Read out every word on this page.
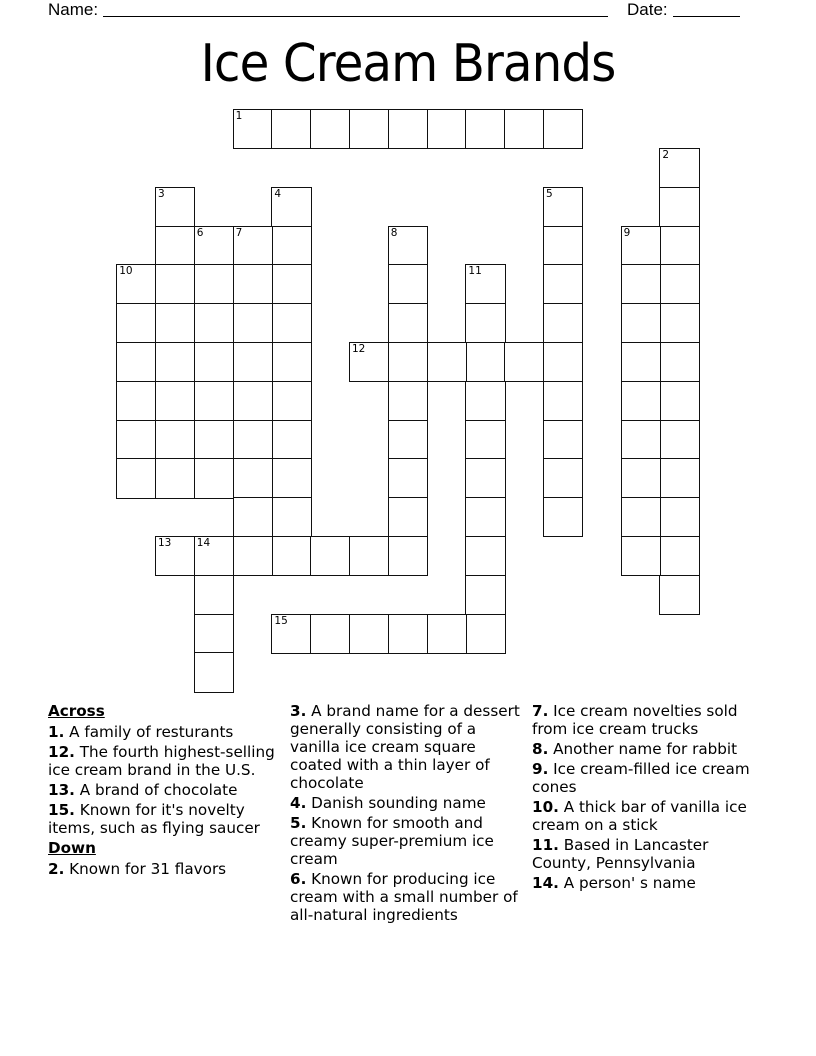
Name:	Date:
Ice Cream Brands
1
2
3	4	5
6	7	8	9
10	11
12
13 14
15
Across
1. A family of resturants
12. The fourth highest-selling ice cream brand in the U.S.
13. A brand of chocolate
15. Known for it's novelty items, such as flying saucer
Down
2. Known for 31 flavors
3. A brand name for a dessert generally consisting of a vanilla ice cream square coated with a thin layer of chocolate
4. Danish sounding name
5. Known for smooth and creamy super-premium ice cream
6. Known for producing ice cream with a small number of all-natural ingredients
7. Ice cream novelties sold from ice cream trucks
8. Another name for rabbit
9. Ice cream-filled ice cream cones
10. A thick bar of vanilla ice cream on a stick
11. Based in Lancaster County, Pennsylvania
14. A person' s name
